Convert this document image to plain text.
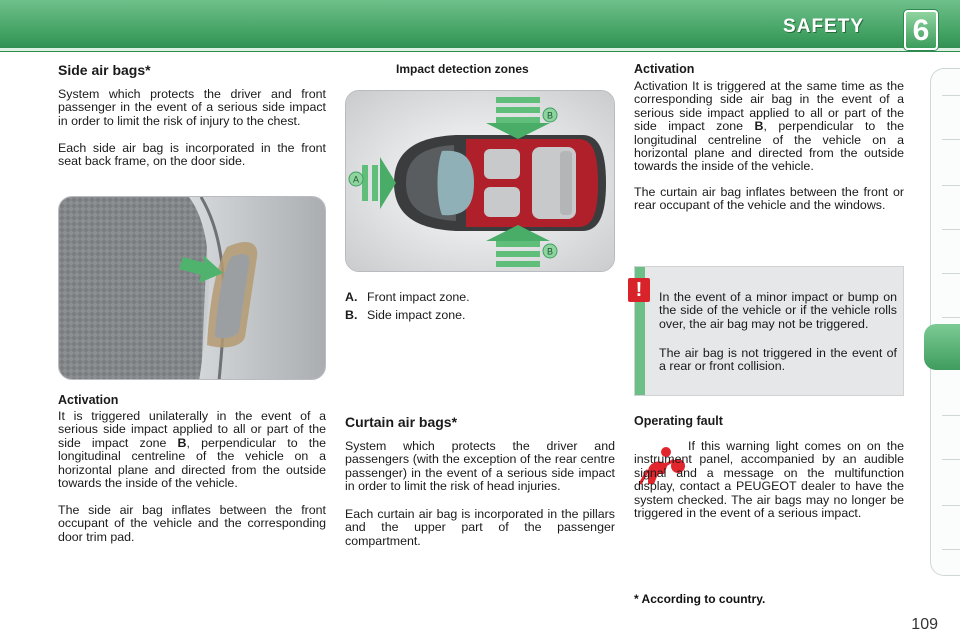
SAFETY 6
Side air bags*

System which protects the driver and front passenger in the event of a serious side impact in order to limit the risk of injury to the chest.

Each side air bag is incorporated in the front seat back frame, on the door side.

Activation

It is triggered unilaterally in the event of a serious side impact applied to all or part of the side impact zone B, perpendicular to the longitudinal centreline of the vehicle on a horizontal plane and directed from the outside towards the inside of the vehicle.

The side air bag inflates between the front occupant of the vehicle and the corresponding door trim pad.

Impact detection zones
A
B
B
A. Front impact zone.
B. Side impact zone.
Curtain air bags*

System which protects the driver and passengers (with the exception of the rear centre passenger) in the event of a serious side impact in order to limit the risk of head injuries.

Each curtain air bag is incorporated in the pillars and the upper part of the passenger compartment.

Activation

Activation It is triggered at the same time as the corresponding side air bag in the event of a serious side impact applied to all or part of the side impact zone B, perpendicular to the longitudinal centreline of the vehicle on a horizontal plane and directed from the outside towards the inside of the vehicle.

The curtain air bag inflates between the front or rear occupant of the vehicle and the windows.

In the event of a minor impact or bump on the side of the vehicle or if the vehicle rolls over, the air bag may not be triggered.

The air bag is not triggered in the event of a rear or front collision.

!
Operating fault

If this warning light comes on on the instrument panel, accompanied by an audible signal and a message on the multifunction display, contact a PEUGEOT dealer to have the system checked. The air bags may no longer be triggered in the event of a serious impact.

* According to country.
109
